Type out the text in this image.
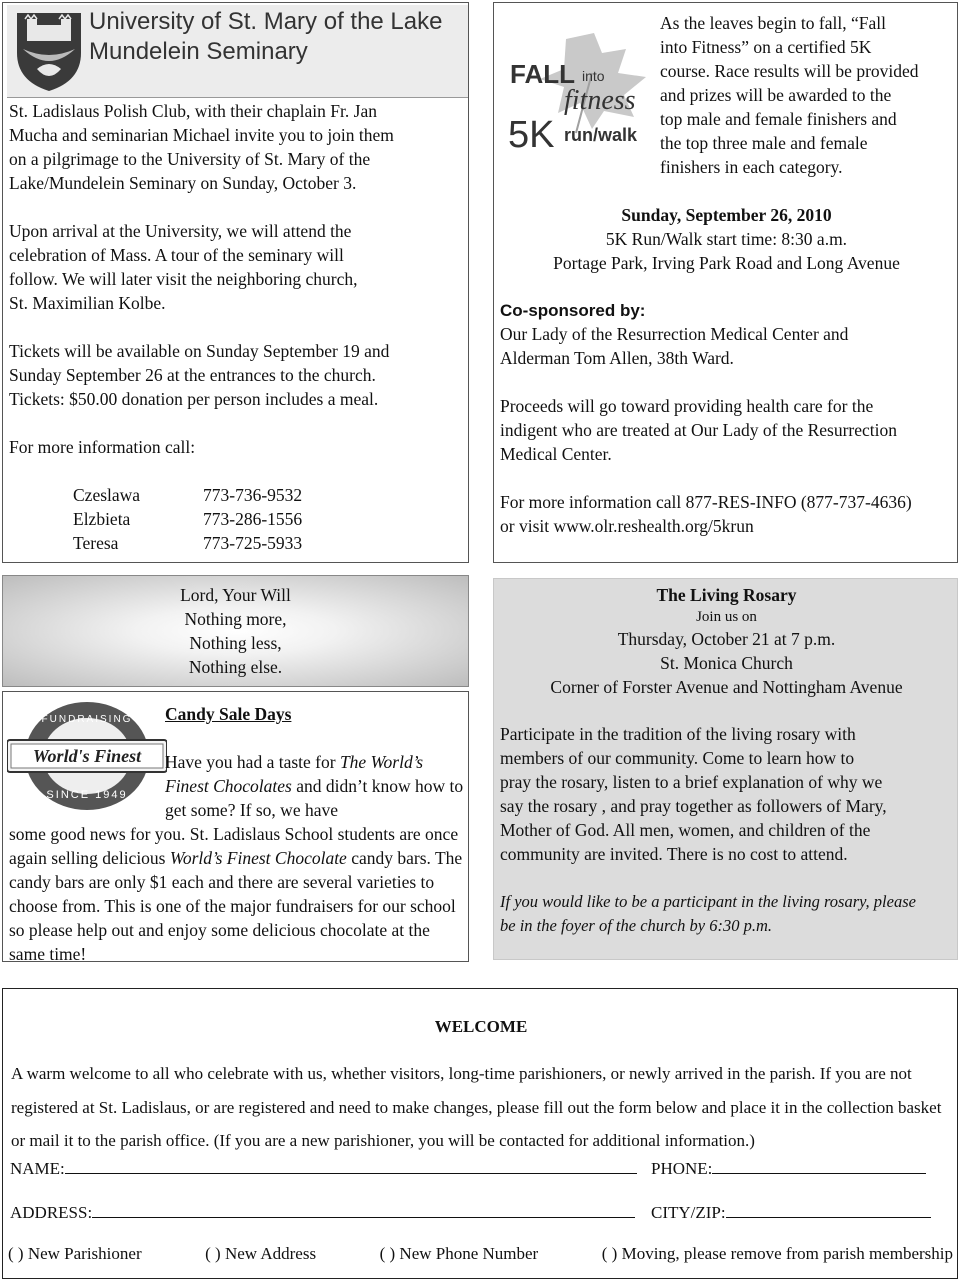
University of St. Mary of the Lake
Mundelein Seminary

St. Ladislaus Polish Club, with their chaplain Fr. Jan
Mucha and seminarian Michael invite you to join them
on a pilgrimage to the University of St. Mary of the
Lake/Mundelein Seminary on Sunday, October 3.

Upon arrival at the University, we will attend the
celebration of Mass. A tour of the seminary will
follow. We will later visit the neighboring church,
St. Maximilian Kolbe.

Tickets will be available on Sunday September 19 and
Sunday September 26 at the entrances to the church.
Tickets: $50.00 donation per person includes a meal.

For more information call:

Czeslawa	773-736-9532
Elzbieta	773-286-1556
Teresa	773-725-5933
FALL into
fitness
5K run/walk

As the leaves begin to fall, “Fall
into Fitness” on a certified 5K
course. Race results will be provided
and prizes will be awarded to the
top male and female finishers and
the top three male and female
finishers in each category.

Sunday, September 26, 2010

5K Run/Walk start time: 8:30 a.m.

Portage Park, Irving Park Road and Long Avenue

Co-sponsored by:

Our Lady of the Resurrection Medical Center and
Alderman Tom Allen, 38th Ward.

Proceeds will go toward providing health care for the
indigent who are treated at Our Lady of the Resurrection
Medical Center.

For more information call 877-RES-INFO (877-737-4636)
or visit www.olr.reshealth.org/5krun

Lord, Your Will
Nothing more,
Nothing less,
Nothing else.

World's Finest
FUNDRAISING
SINCE 1949
Candy Sale Days

Have you had a taste for The World’s Finest Chocolates and didn’t know how to get some? If so, we have

some good news for you. St. Ladislaus School students are once again selling delicious World’s Finest Chocolate candy bars. The candy bars are only $1 each and there are several varieties to choose from. This is one of the major fundraisers for our school so please help out and enjoy some delicious chocolate at the same time!

The Living Rosary
Join us on
Thursday, October 21 at 7 p.m.
St. Monica Church
Corner of Forster Avenue and Nottingham Avenue

Participate in the tradition of the living rosary with
members of our community. Come to learn how to
pray the rosary, listen to a brief explanation of why we
say the rosary , and pray together as followers of Mary,
Mother of God. All men, women, and children of the
community are invited. There is no cost to attend.

If you would like to be a participant in the living rosary, please
be in the foyer of the church by 6:30 p.m.

WELCOME
A warm welcome to all who celebrate with us, whether visitors, long-time parishioners, or newly arrived in the parish. If you are not registered at St. Ladislaus, or are registered and need to make changes, please fill out the form below and place it in the collection basket or mail it to the parish office. (If you are a new parishioner, you will be contacted for additional information.)
NAME:	PHONE:
ADDRESS:	CITY/ZIP:
( ) New Parishioner	( ) New Address	( ) New Phone Number	( ) Moving, please remove from parish membership
